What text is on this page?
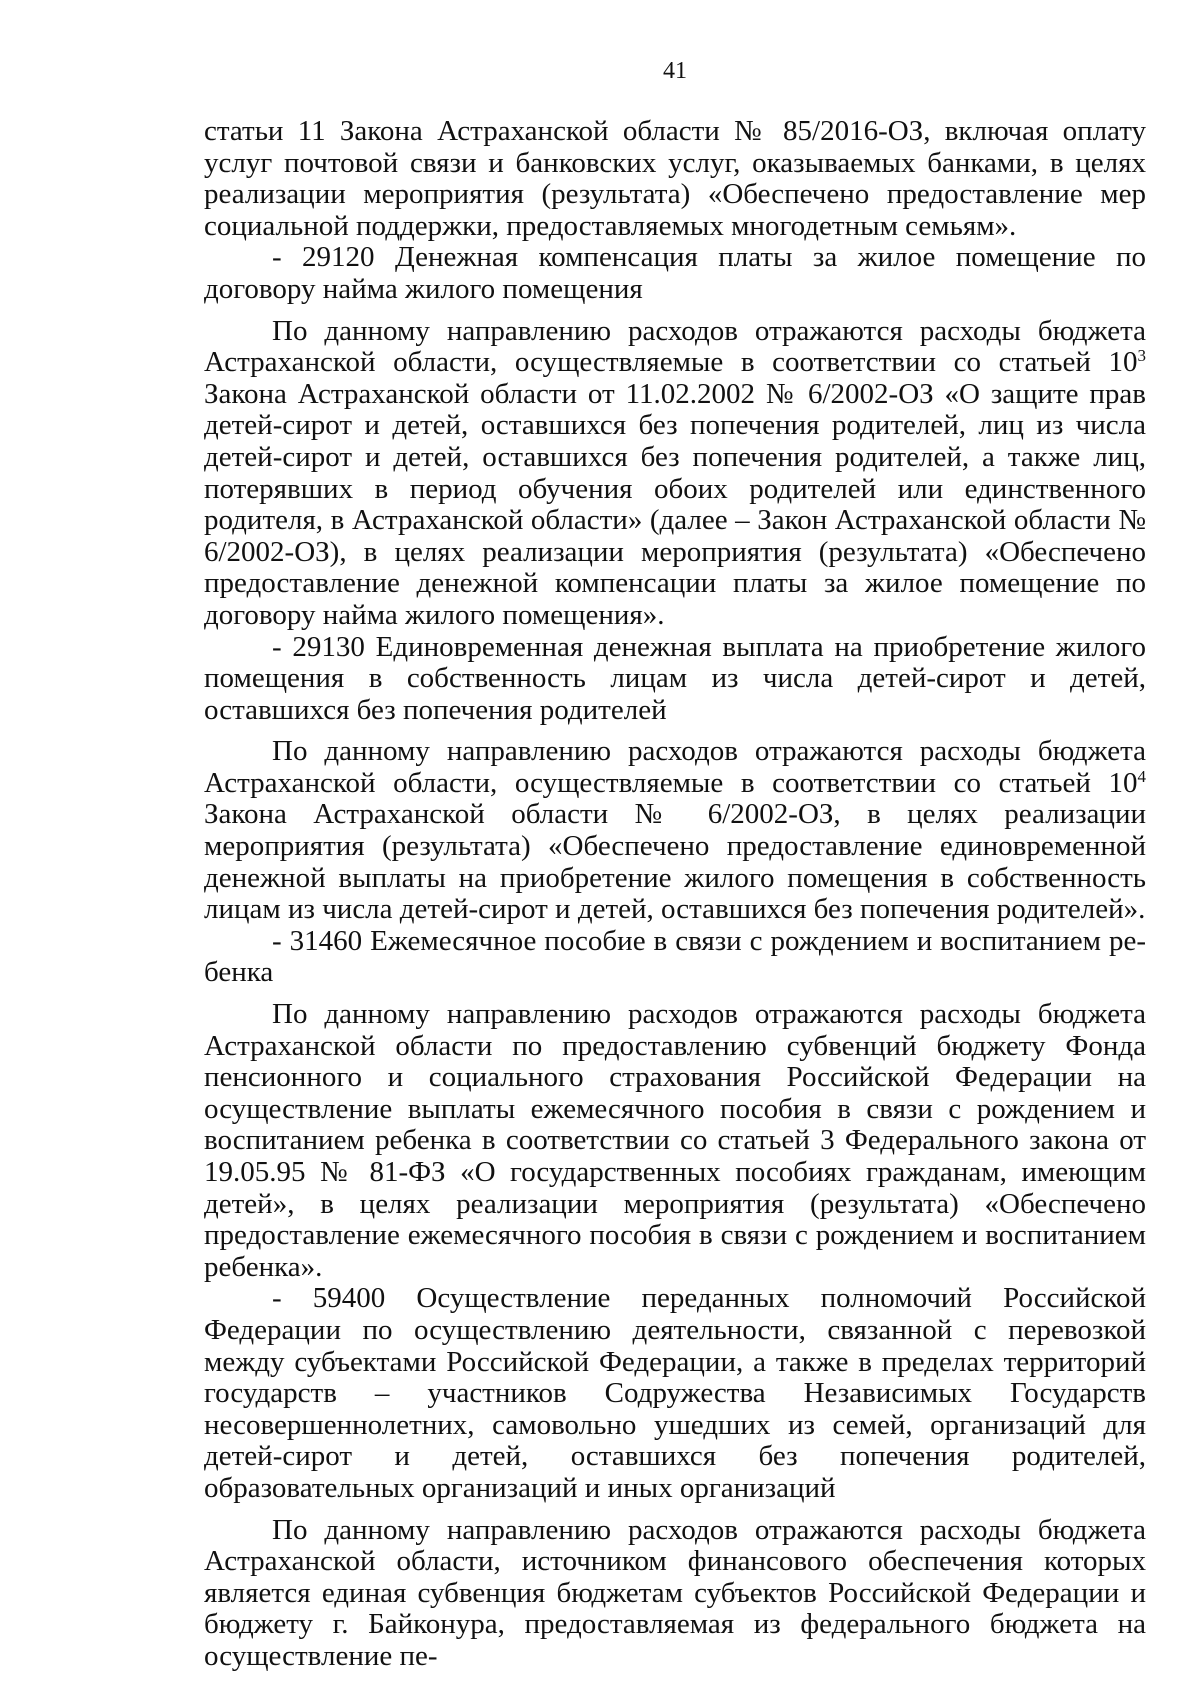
41

статьи 11 Закона Астраханской области № 85/2016-ОЗ, включая оплату услуг почтовой связи и банковских услуг, оказываемых банками, в целях реализации мероприятия (результата) «Обеспечено предоставление мер социальной поддержки, предоставляемых многодетным семьям».

- 29120 Денежная компенсация платы за жилое помещение по договору найма жилого помещения

По данному направлению расходов отражаются расходы бюджета Астраханской области, осуществляемые в соответствии со статьей $10^3$ Закона Астраханской области от 11.02.2002 № 6/2002-ОЗ «О защите прав детей-сирот и детей, оставшихся без попечения родителей, лиц из числа детей-сирот и детей, оставшихся без попечения родителей, а также лиц, потерявших в период обучения обоих родителей или единственного родителя, в Астраханской области» (далее – Закон Астраханской области № 6/2002-ОЗ), в целях реализации мероприятия (результата) «Обеспечено предоставление денежной компенсации платы за жилое помещение по договору найма жилого помещения».

- 29130 Единовременная денежная выплата на приобретение жилого помещения в собственность лицам из числа детей-сирот и детей, оставшихся без попечения родителей

По данному направлению расходов отражаются расходы бюджета Астраханской области, осуществляемые в соответствии со статьей $10^4$ Закона Астраханской области № 6/2002-ОЗ, в целях реализации мероприятия (результата) «Обеспечено предоставление единовременной денежной выплаты на приобретение жилого помещения в собственность лицам из числа детей-сирот и детей, оставшихся без попечения родителей».

- 31460 Ежемесячное пособие в связи с рождением и воспитанием ребенка

По данному направлению расходов отражаются расходы бюджета Астраханской области по предоставлению субвенций бюджету Фонда пенсионного и социального страхования Российской Федерации на осуществление выплаты ежемесячного пособия в связи с рождением и воспитанием ребенка в соответствии со статьей 3 Федерального закона от 19.05.95 № 81-ФЗ «О государственных пособиях гражданам, имеющим детей», в целях реализации мероприятия (результата) «Обеспечено предоставление ежемесячного пособия в связи с рождением и воспитанием ребенка».

- 59400 Осуществление переданных полномочий Российской Федерации по осуществлению деятельности, связанной с перевозкой между субъектами Российской Федерации, а также в пределах территорий государств – участников Содружества Независимых Государств несовершеннолетних, самовольно ушедших из семей, организаций для детей-сирот и детей, оставшихся без попечения родителей, образовательных организаций и иных организаций

По данному направлению расходов отражаются расходы бюджета Астраханской области, источником финансового обеспечения которых является единая субвенция бюджетам субъектов Российской Федерации и бюджету г. Байконура, предоставляемая из федерального бюджета на осуществление пе-
